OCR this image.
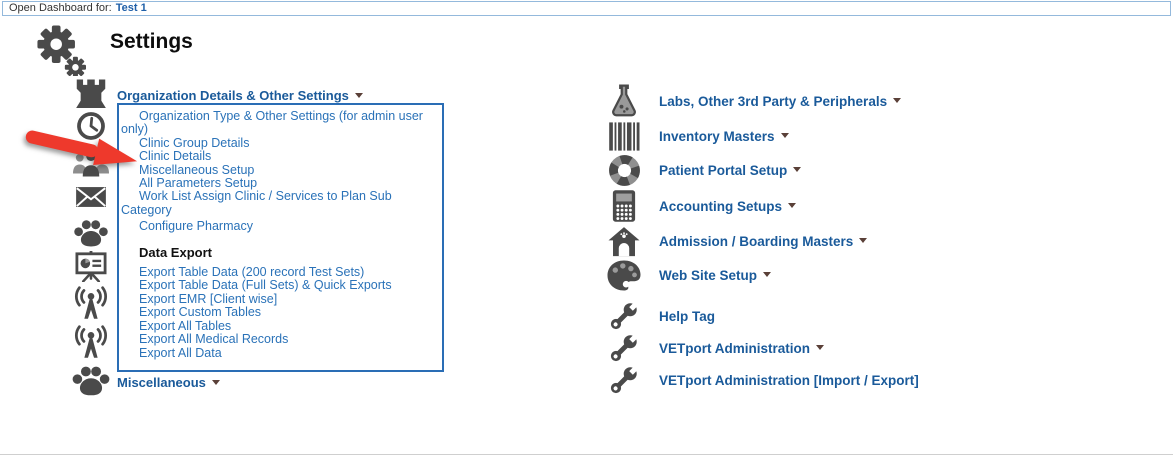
Open Dashboard for: Test 1
Settings
Organization Details & Other Settings
Organization Type & Other Settings (for admin user only)
Clinic Group Details
Clinic Details
Miscellaneous Setup
All Parameters Setup
Work List Assign Clinic / Services to Plan Sub Category
Configure Pharmacy
Data Export
Export Table Data (200 record Test Sets)
Export Table Data (Full Sets) & Quick Exports
Export EMR [Client wise]
Export Custom Tables
Export All Tables
Export All Medical Records
Export All Data
Miscellaneous
Labs, Other 3rd Party & Peripherals
Inventory Masters
Patient Portal Setup
Accounting Setups
Admission / Boarding Masters
Web Site Setup
Help Tag
VETport Administration
VETport Administration [Import / Export]
